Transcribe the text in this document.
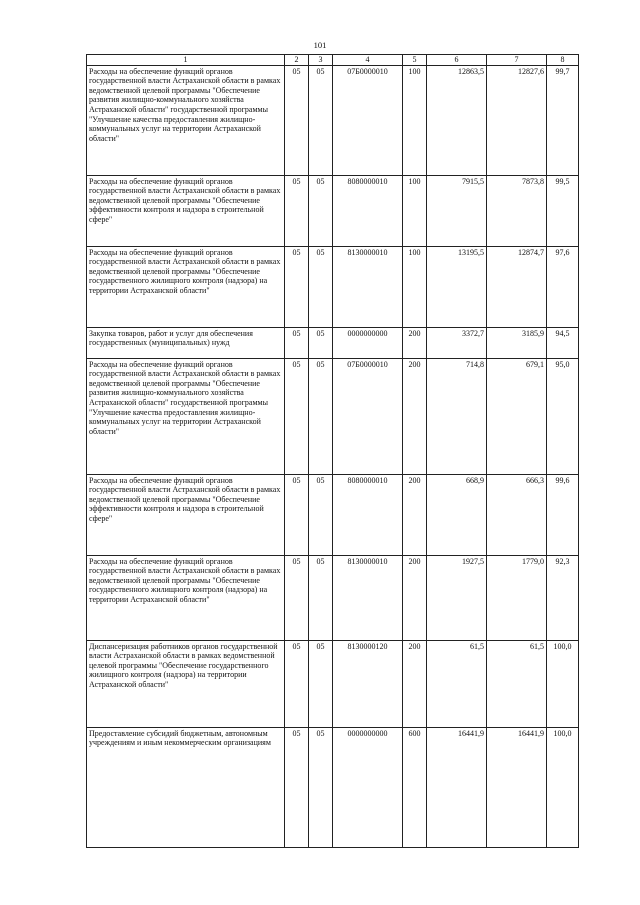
101
1	2	3	4	5	6	7	8
Расходы на обеспечение функций органов государственной власти Астраханской области в рамках ведомственной целевой программы "Обеспечение развития жилищно-коммунального хозяйства Астраханской области" государственной программы "Улучшение качества предоставления жилищно-коммунальных услуг на территории Астраханской области"	05	05	07Б0000010	100	12863,5	12827,6	99,7
Расходы на обеспечение функций органов государственной власти Астраханской области в рамках ведомственной целевой программы "Обеспечение эффективности контроля и надзора в строительной сфере"	05	05	8080000010	100	7915,5	7873,8	99,5
Расходы на обеспечение функций органов государственной власти Астраханской области в рамках ведомственной целевой программы "Обеспечение государственного жилищного контроля (надзора) на территории Астраханской области"	05	05	8130000010	100	13195,5	12874,7	97,6
Закупка товаров, работ и услуг для обеспечения государственных (муниципальных) нужд	05	05	0000000000	200	3372,7	3185,9	94,5
Расходы на обеспечение функций органов государственной власти Астраханской области в рамках ведомственной целевой программы "Обеспечение развития жилищно-коммунального хозяйства Астраханской области" государственной программы "Улучшение качества предоставления жилищно-коммунальных услуг на территории Астраханской области"	05	05	07Б0000010	200	714,8	679,1	95,0
Расходы на обеспечение функций органов государственной власти Астраханской области в рамках ведомственной целевой программы "Обеспечение эффективности контроля и надзора в строительной сфере"	05	05	8080000010	200	668,9	666,3	99,6
Расходы на обеспечение функций органов государственной власти Астраханской области в рамках ведомственной целевой программы "Обеспечение государственного жилищного контроля (надзора) на территории Астраханской области"	05	05	8130000010	200	1927,5	1779,0	92,3
Диспансеризация работников органов государственной власти Астраханской области в рамках ведомственной целевой программы "Обеспечение государственного жилищного контроля (надзора) на территории Астраханской области"	05	05	8130000120	200	61,5	61,5	100,0
Предоставление субсидий бюджетным, автономным учреждениям и иным некоммерческим организациям	05	05	0000000000	600	16441,9	16441,9	100,0
